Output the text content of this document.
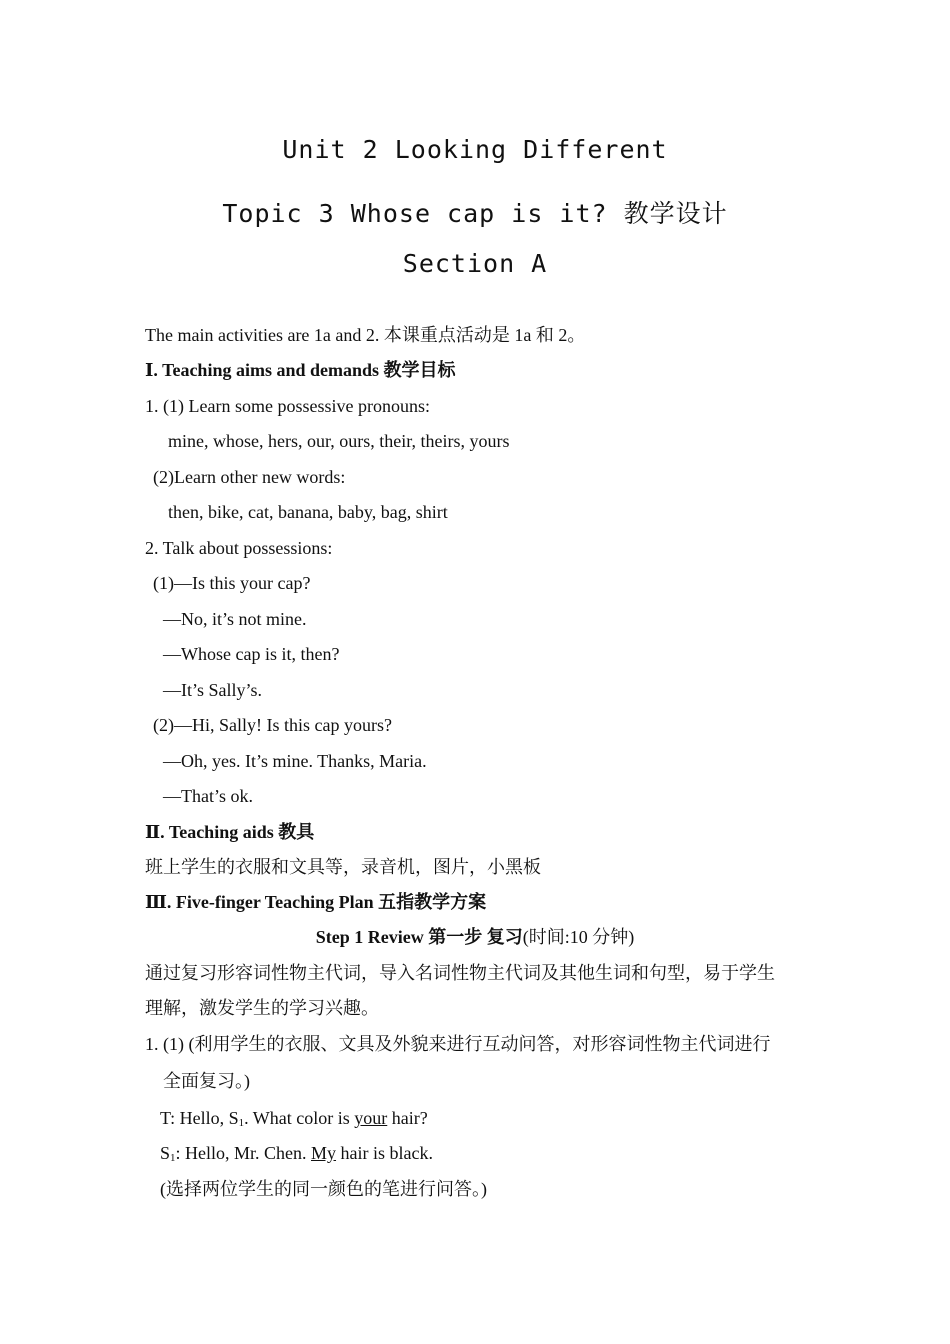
Unit 2 Looking Different
Topic 3 Whose cap is it? 教学设计
Section A
The main activities are 1a and 2. 本课重点活动是 1a 和 2。
Ⅰ. Teaching aims and demands 教学目标
1. (1) Learn some possessive pronouns:
mine, whose, hers, our, ours, their, theirs, yours
(2)Learn other new words:
then, bike, cat, banana, baby, bag, shirt
2. Talk about possessions:
(1)—Is this your cap?
—No, it’s not mine.
—Whose cap is it, then?
—It’s Sally’s.
(2)—Hi, Sally! Is this cap yours?
—Oh, yes. It’s mine. Thanks, Maria.
—That’s ok.
Ⅱ. Teaching aids 教具
班上学生的衣服和文具等，录音机，图片，小黑板
Ⅲ. Five-finger Teaching Plan 五指教学方案
Step 1 Review 第一步 复习(时间:10 分钟)
通过复习形容词性物主代词，导入名词性物主代词及其他生词和句型，易于学生
理解，激发学生的学习兴趣。
1. (1) (利用学生的衣服、文具及外貌来进行互动问答，对形容词性物主代词进行
全面复习。)
T: Hello, $S_1$. What color is your hair?
$S_1$: Hello, Mr. Chen. My hair is black.
(选择两位学生的同一颜色的笔进行问答。)
